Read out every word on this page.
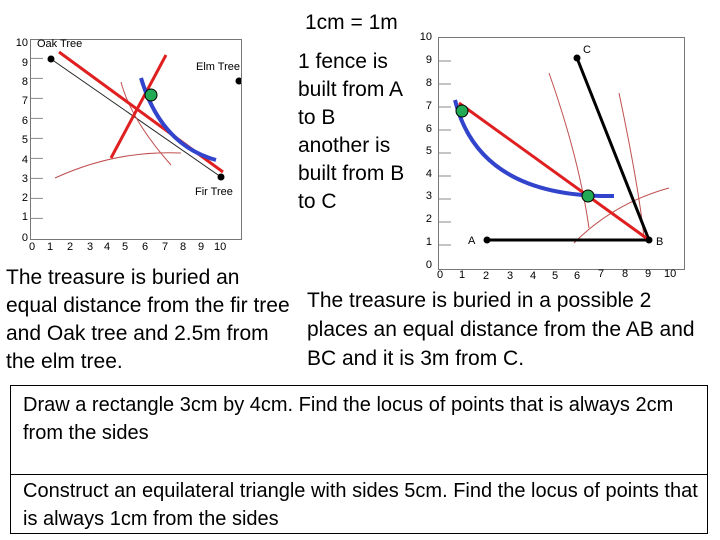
10
9
8
7
6
5
4
3
2
1
0
0 1 2 3 4 5 6 7 8 9 10
Oak Tree
Elm Tree
Fir Tree
The treasure is buried an equal distance from the fir tree and Oak tree and 2.5m from the elm tree.
1cm = 1m
1 fence is built from A to B another is built from B to C
10
9
8
7
6
5
4
3
2
1
0
0 1 2 3 4 5 6 7 8 9 10
A	B
C
The treasure is buried in a possible 2 places an equal distance from the AB and BC and it is 3m from C.
Draw a rectangle 3cm by 4cm. Find the locus of points that is always 2cm from the sides
Construct an equilateral triangle with sides 5cm. Find the locus of points that is always 1cm from the sides
